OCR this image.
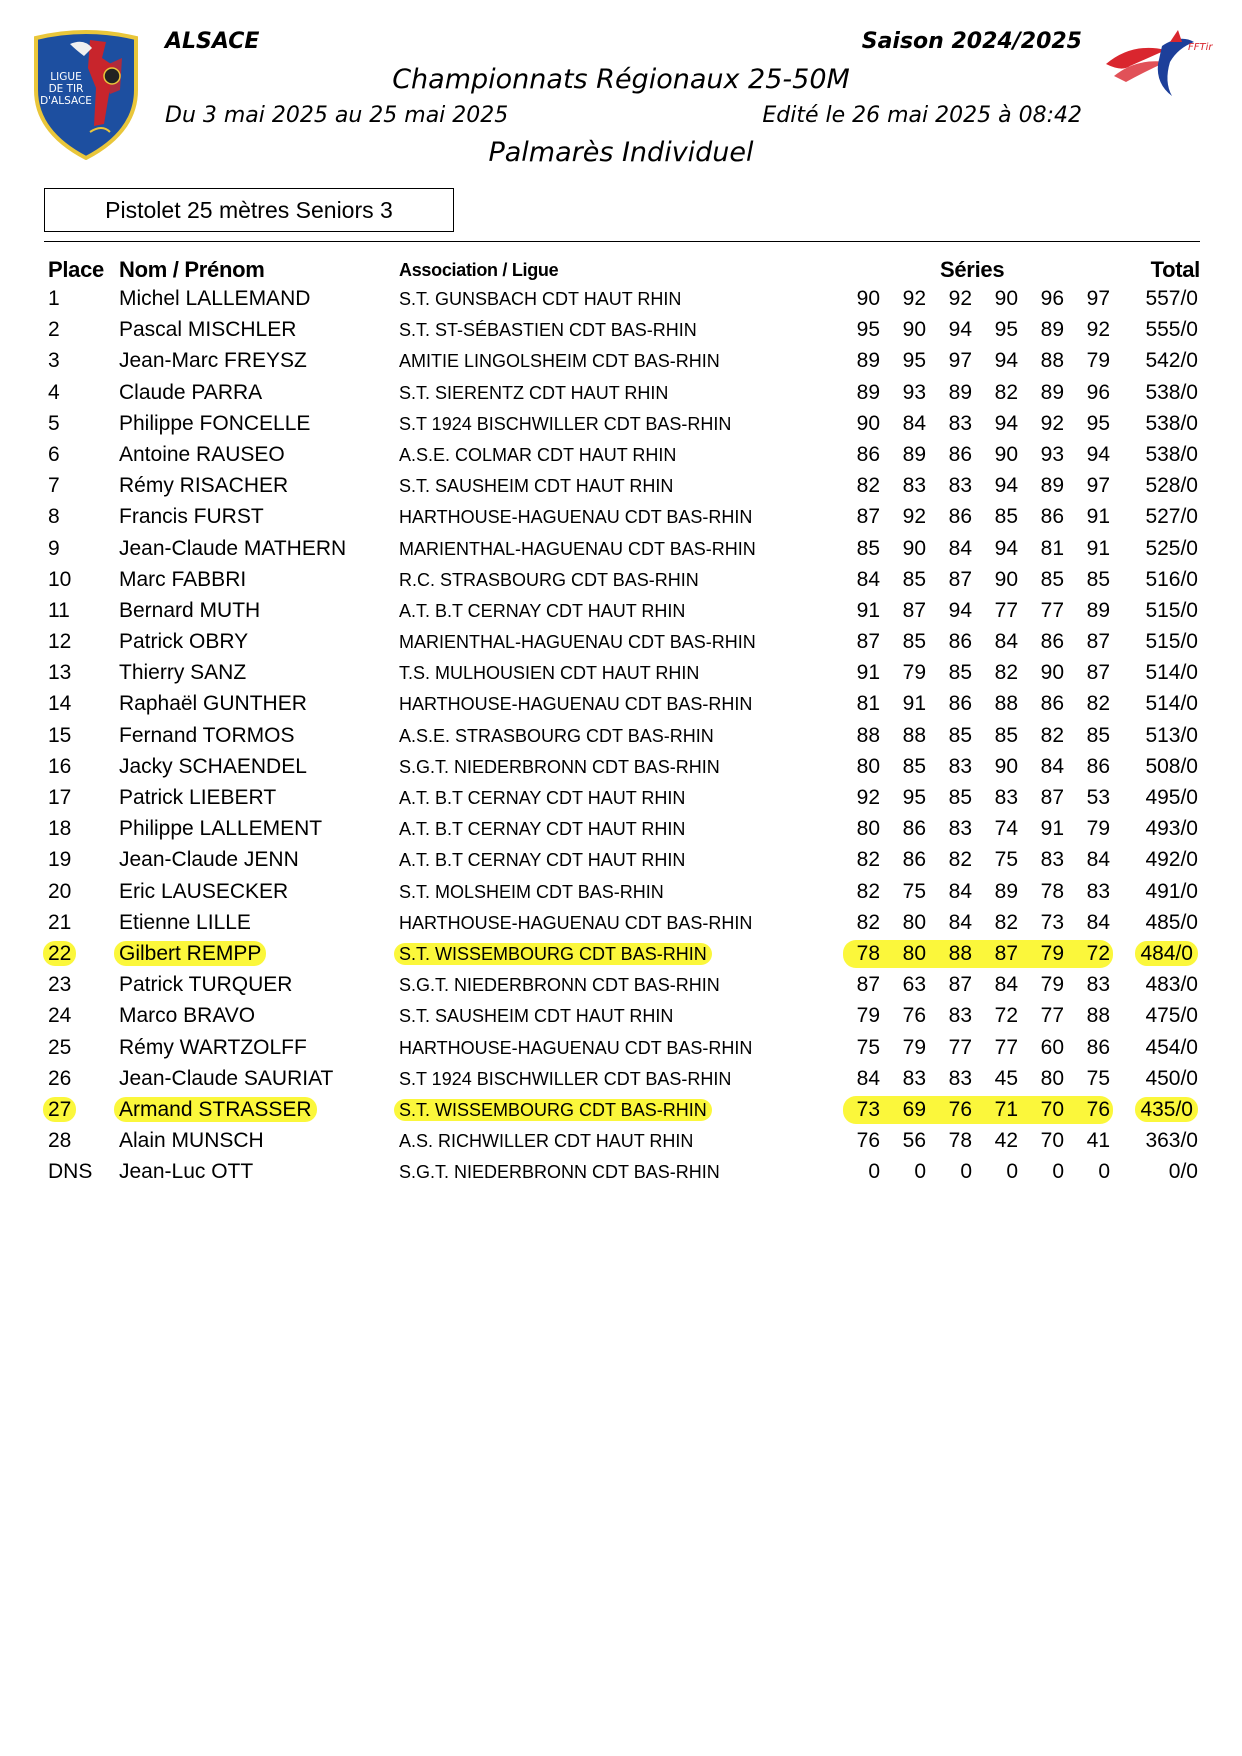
LIGUE
DE TIR
D'ALSACE
FFTir
ALSACE	Saison 2024/2025
Championnats Régionaux 25-50M
Du 3 mai 2025 au 25 mai 2025	Edité le 26 mai 2025 à 08:42
Palmarès Individuel
Pistolet 25 mètres Seniors 3
Place Nom / Prénom	Association / Ligue	Séries	Total
1	Michel LALLEMAND	S.T. GUNSBACH CDT HAUT RHIN	90	92	92	90	96	97 557/0
2	Pascal MISCHLER	S.T. ST-SÉBASTIEN CDT BAS-RHIN	95	90	94	95	89	92 555/0
3	Jean-Marc FREYSZ	AMITIE LINGOLSHEIM CDT BAS-RHIN	89	95	97	94	88	79 542/0
4	Claude PARRA	S.T. SIERENTZ CDT HAUT RHIN	89	93	89	82	89	96 538/0
5	Philippe FONCELLE	S.T 1924 BISCHWILLER CDT BAS-RHIN	90	84	83	94	92	95 538/0
6	Antoine RAUSEO	A.S.E. COLMAR CDT HAUT RHIN	86	89	86	90	93	94 538/0
7	Rémy RISACHER	S.T. SAUSHEIM CDT HAUT RHIN	82	83	83	94	89	97 528/0
8	Francis FURST	HARTHOUSE-HAGUENAU CDT BAS-RHIN	87	92	86	85	86	91 527/0
9	Jean-Claude MATHERN	MARIENTHAL-HAGUENAU CDT BAS-RHIN	85	90	84	94	81	91 525/0
10 Marc FABBRI	R.C. STRASBOURG CDT BAS-RHIN	84	85	87	90	85	85 516/0
11 Bernard MUTH	A.T. B.T CERNAY CDT HAUT RHIN	91	87	94	77	77	89 515/0
12 Patrick OBRY	MARIENTHAL-HAGUENAU CDT BAS-RHIN	87	85	86	84	86	87 515/0
13 Thierry SANZ	T.S. MULHOUSIEN CDT HAUT RHIN	91	79	85	82	90	87 514/0
14 Raphaël GUNTHER	HARTHOUSE-HAGUENAU CDT BAS-RHIN	81	91	86	88	86	82 514/0
15 Fernand TORMOS	A.S.E. STRASBOURG CDT BAS-RHIN	88	88	85	85	82	85 513/0
16 Jacky SCHAENDEL	S.G.T. NIEDERBRONN CDT BAS-RHIN	80	85	83	90	84	86 508/0
17 Patrick LIEBERT	A.T. B.T CERNAY CDT HAUT RHIN	92	95	85	83	87	53 495/0
18 Philippe LALLEMENT	A.T. B.T CERNAY CDT HAUT RHIN	80	86	83	74	91	79 493/0
19 Jean-Claude JENN	A.T. B.T CERNAY CDT HAUT RHIN	82	86	82	75	83	84 492/0
20 Eric LAUSECKER	S.T. MOLSHEIM CDT BAS-RHIN	82	75	84	89	78	83 491/0
21 Etienne LILLE	HARTHOUSE-HAGUENAU CDT BAS-RHIN	82	80	84	82	73	84 485/0
22 Gilbert REMPP	S.T. WISSEMBOURG CDT BAS-RHIN	78	80	88	87	79	72 484/0
23 Patrick TURQUER	S.G.T. NIEDERBRONN CDT BAS-RHIN	87	63	87	84	79	83 483/0
24 Marco BRAVO	S.T. SAUSHEIM CDT HAUT RHIN	79	76	83	72	77	88 475/0
25 Rémy WARTZOLFF	HARTHOUSE-HAGUENAU CDT BAS-RHIN	75	79	77	77	60	86 454/0
26 Jean-Claude SAURIAT	S.T 1924 BISCHWILLER CDT BAS-RHIN	84	83	83	45	80	75 450/0
27 Armand STRASSER	S.T. WISSEMBOURG CDT BAS-RHIN	73	69	76	71	70	76 435/0
28 Alain MUNSCH	A.S. RICHWILLER CDT HAUT RHIN	76	56	78	42	70	41 363/0
DNS Jean-Luc OTT	S.G.T. NIEDERBRONN CDT BAS-RHIN	0	0	0	0	0	0	0/0
